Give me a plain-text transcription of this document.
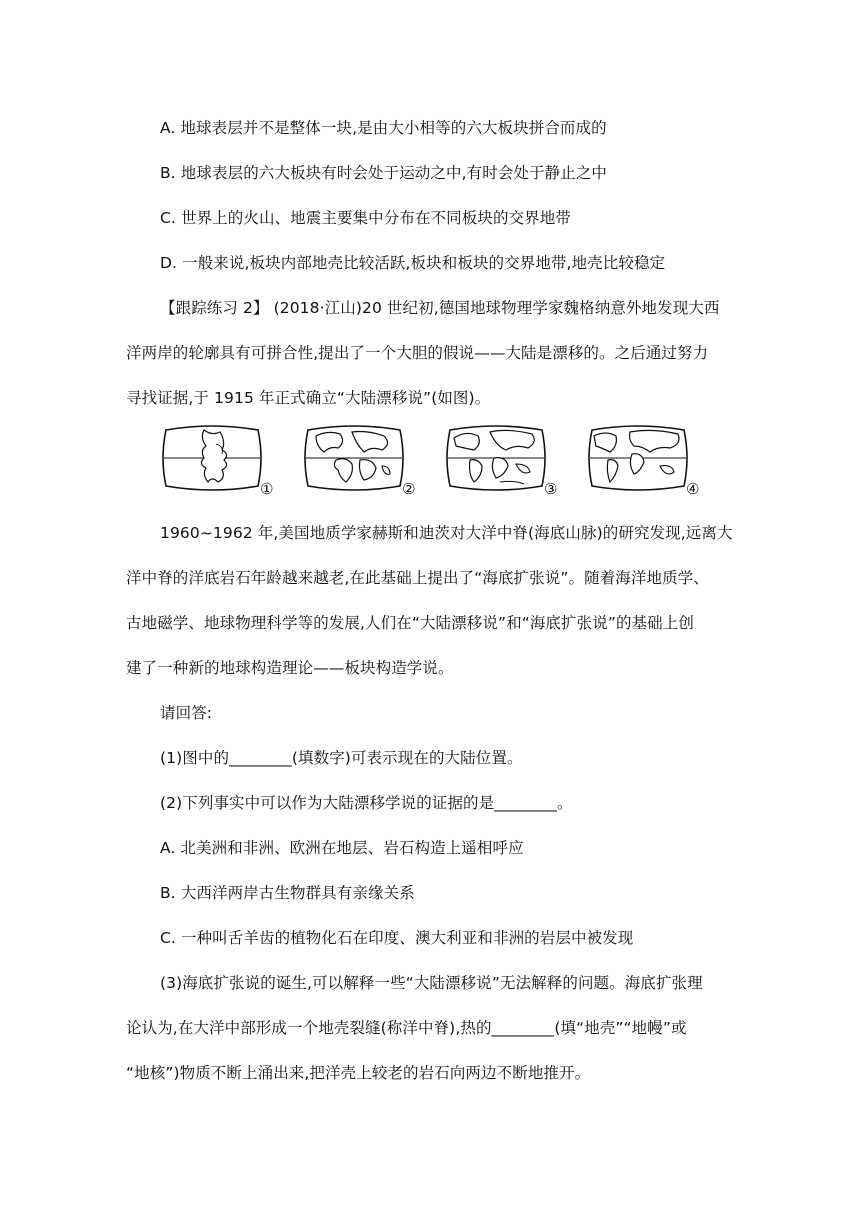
A. 地球表层并不是整体一块,是由大小相等的六大板块拼合而成的
B. 地球表层的六大板块有时会处于运动之中,有时会处于静止之中
C. 世界上的火山、地震主要集中分布在不同板块的交界地带
D. 一般来说,板块内部地壳比较活跃,板块和板块的交界地带,地壳比较稳定
【跟踪练习 2】 (2018·江山)20 世纪初,德国地球物理学家魏格纳意外地发现大西
洋两岸的轮廓具有可拼合性,提出了一个大胆的假说——大陆是漂移的。之后通过努力
寻找证据,于 1915 年正式确立“大陆漂移说”(如图)。
①	②	③	④
1960~1962 年,美国地质学家赫斯和迪茨对大洋中脊(海底山脉)的研究发现,远离大
洋中脊的洋底岩石年龄越来越老,在此基础上提出了“海底扩张说”。随着海洋地质学、
古地磁学、地球物理科学等的发展,人们在“大陆漂移说”和“海底扩张说”的基础上创
建了一种新的地球构造理论——板块构造学说。
请回答:
(1)图中的________(填数字)可表示现在的大陆位置。
(2)下列事实中可以作为大陆漂移学说的证据的是________。
A. 北美洲和非洲、欧洲在地层、岩石构造上遥相呼应
B. 大西洋两岸古生物群具有亲缘关系
C. 一种叫舌羊齿的植物化石在印度、澳大利亚和非洲的岩层中被发现
(3)海底扩张说的诞生,可以解释一些“大陆漂移说”无法解释的问题。海底扩张理
论认为,在大洋中部形成一个地壳裂缝(称洋中脊),热的________(填“地壳”“地幔”或
“地核”)物质不断上涌出来,把洋壳上较老的岩石向两边不断地推开。
